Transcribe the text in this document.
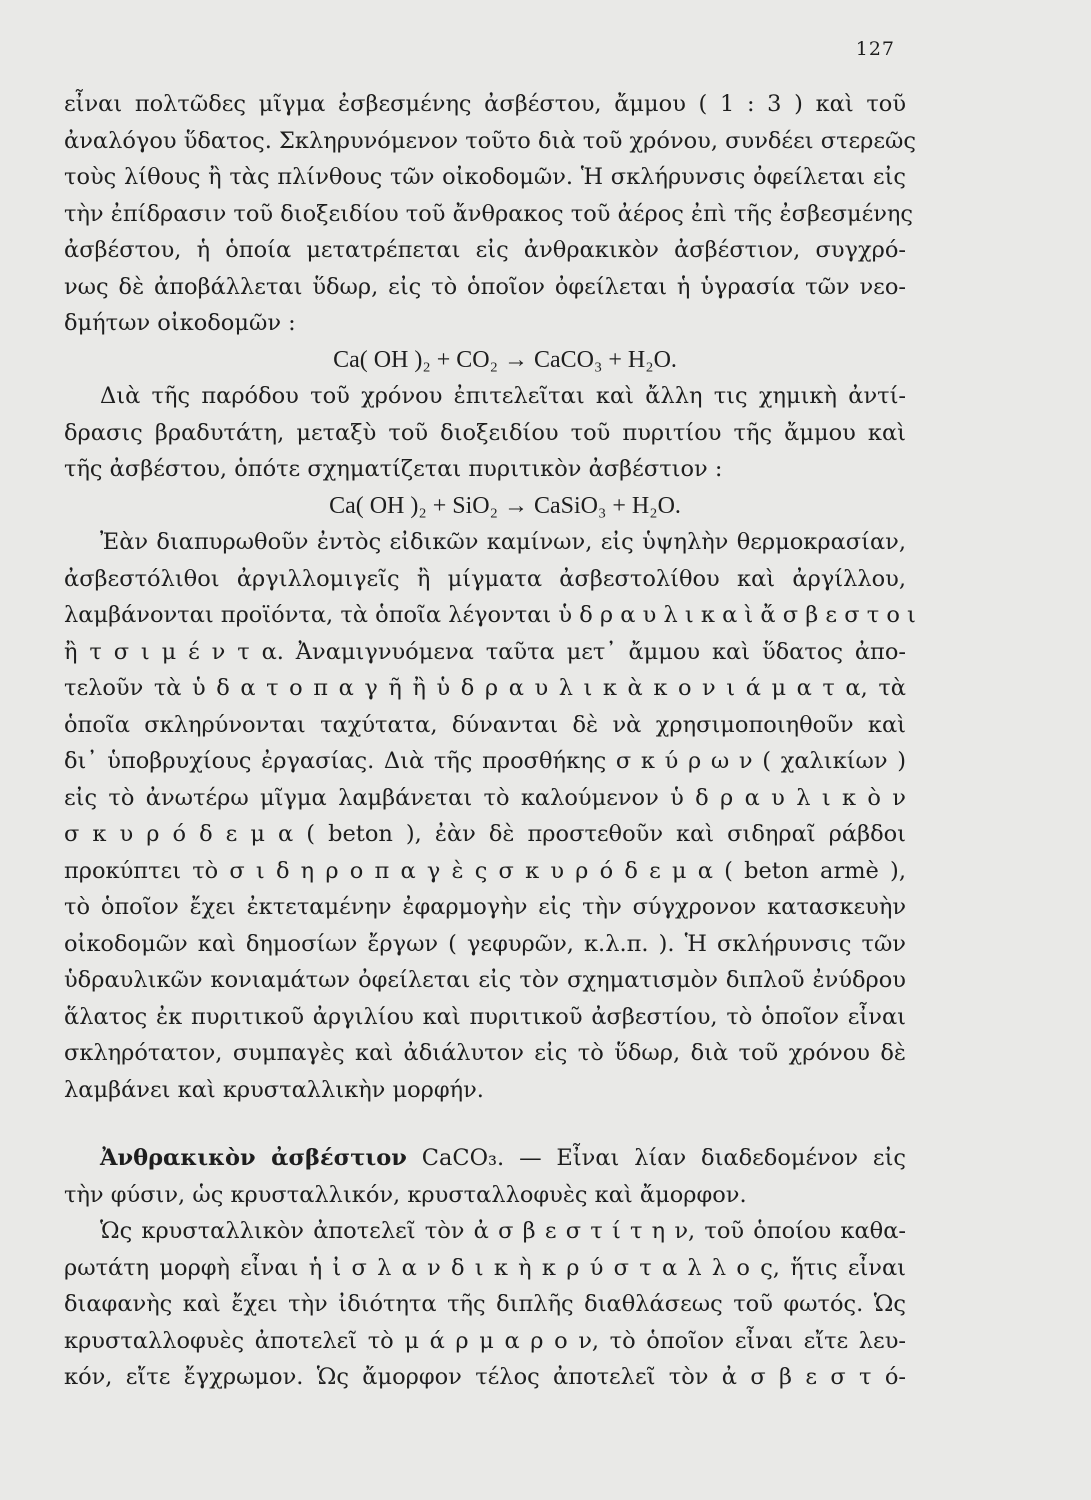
127
εἶναι πολτῶδες μῖγμα ἐσβεσμένης ἀσβέστου, ἄμμου ( 1 : 3 ) καὶ τοῦ
ἀναλόγου ὕδατος. Σκληρυνόμενον τοῦτο διὰ τοῦ χρόνου, συνδέει στερεῶς
τοὺς λίθους ἢ τὰς πλίνθους τῶν οἰκοδομῶν. Ἡ σκλήρυνσις ὀφείλεται εἰς
τὴν ἐπίδρασιν τοῦ διοξειδίου τοῦ ἄνθρακος τοῦ ἀέρος ἐπὶ τῆς ἐσβεσμένης
ἀσβέστου, ἡ ὁποία μετατρέπεται εἰς ἀνθρακικὸν ἀσβέστιον, συγχρό-
νως δὲ ἀποβάλλεται ὕδωρ, εἰς τὸ ὁποῖον ὀφείλεται ἡ ὑγρασία τῶν νεο-
δμήτων οἰκοδομῶν :
Ca( OH )₂ + CO₂ → CaCO₃ + H₂O.
Διὰ τῆς παρόδου τοῦ χρόνου ἐπιτελεῖται καὶ ἄλλη τις χημικὴ ἀντί-
δρασις βραδυτάτη, μεταξὺ τοῦ διοξειδίου τοῦ πυριτίου τῆς ἄμμου καὶ
τῆς ἀσβέστου, ὁπότε σχηματίζεται πυριτικὸν ἀσβέστιον :
Ca( OH )₂ + SiO₂ → CaSiO₃ + H₂O.
Ἐὰν διαπυρωθοῦν ἐντὸς εἰδικῶν καμίνων, εἰς ὑψηλὴν θερμοκρασίαν,
ἀσβεστόλιθοι ἀργιλλομιγεῖς ἢ μίγματα ἀσβεστολίθου καὶ ἀργίλλου,
λαμβάνονται προϊόντα, τὰ ὁποῖα λέγονται ὑ δ ρ α υ λ ι κ α ὶ ἄ σ β ε σ τ ο ι
ἢ τ σ ι μ έ ν τ α. Ἀναμιγνυόμενα ταῦτα μετ᾿ ἄμμου καὶ ὕδατος ἀπο-
τελοῦν τὰ ὑ δ α τ ο π α γ ῆ ἢ ὑ δ ρ α υ λ ι κ ὰ κ ο ν ι ά μ α τ α, τὰ
ὁποῖα σκληρύνονται ταχύτατα, δύνανται δὲ νὰ χρησιμοποιηθοῦν καὶ
δι᾿ ὑποβρυχίους ἐργασίας. Διὰ τῆς προσθήκης σ κ ύ ρ ω ν ( χαλικίων )
εἰς τὸ ἀνωτέρω μῖγμα λαμβάνεται τὸ καλούμενον ὑ δ ρ α υ λ ι κ ὸ ν
σ κ υ ρ ό δ ε μ α ( beton ), ἐὰν δὲ προστεθοῦν καὶ σιδηραῖ ράβδοι
προκύπτει τὸ σ ι δ η ρ ο π α γ ὲ ς σ κ υ ρ ό δ ε μ α ( beton armè ),
τὸ ὁποῖον ἔχει ἐκτεταμένην ἐφαρμογὴν εἰς τὴν σύγχρονον κατασκευὴν
οἰκοδομῶν καὶ δημοσίων ἔργων ( γεφυρῶν, κ.λ.π. ). Ἡ σκλήρυνσις τῶν
ὑδραυλικῶν κονιαμάτων ὀφείλεται εἰς τὸν σχηματισμὸν διπλοῦ ἐνύδρου
ἅλατος ἐκ πυριτικοῦ ἀργιλίου καὶ πυριτικοῦ ἀσβεστίου, τὸ ὁποῖον εἶναι
σκληρότατον, συμπαγὲς καὶ ἀδιάλυτον εἰς τὸ ὕδωρ, διὰ τοῦ χρόνου δὲ
λαμβάνει καὶ κρυσταλλικὴν μορφήν.
Ἀνθρακικὸν ἀσβέστιον CaCO₃. — Εἶναι λίαν διαδεδομένον εἰς
τὴν φύσιν, ὡς κρυσταλλικόν, κρυσταλλοφυὲς καὶ ἄμορφον.
Ὡς κρυσταλλικὸν ἀποτελεῖ τὸν ἀ σ β ε σ τ ί τ η ν, τοῦ ὁποίου καθα-
ρωτάτη μορφὴ εἶναι ἡ ἰ σ λ α ν δ ι κ ὴ κ ρ ύ σ τ α λ λ ο ς, ἥτις εἶναι
διαφανὴς καὶ ἔχει τὴν ἰδιότητα τῆς διπλῆς διαθλάσεως τοῦ φωτός. Ὡς
κρυσταλλοφυὲς ἀποτελεῖ τὸ μ ά ρ μ α ρ ο ν, τὸ ὁποῖον εἶναι εἴτε λευ-
κόν, εἴτε ἔγχρωμον. Ὡς ἄμορφον τέλος ἀποτελεῖ τὸν ἀ σ β ε σ τ ό-
